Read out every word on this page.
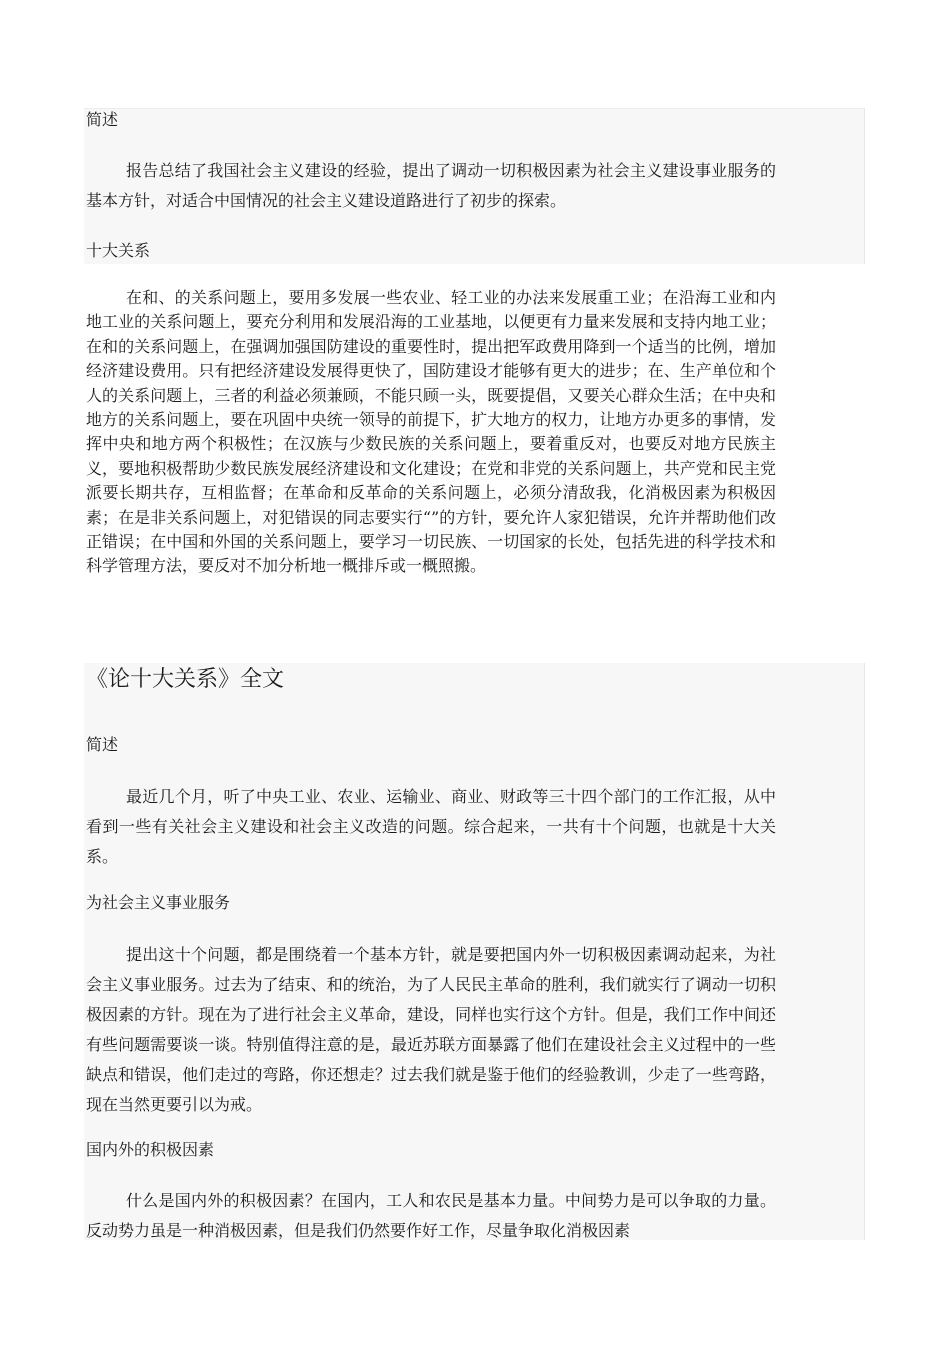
简述

报告总结了我国社会主义建设的经验，提出了调动一切积极因素为社会主义建设事业服务的基本方针，对适合中国情况的社会主义建设道路进行了初步的探索。

十大关系

在和、的关系问题上，要用多发展一些农业、轻工业的办法来发展重工业；在沿海工业和内地工业的关系问题上，要充分利用和发展沿海的工业基地，以便更有力量来发展和支持内地工业；在和的关系问题上，在强调加强国防建设的重要性时，提出把军政费用降到一个适当的比例，增加经济建设费用。只有把经济建设发展得更快了，国防建设才能够有更大的进步；在、生产单位和个人的关系问题上，三者的利益必须兼顾，不能只顾一头，既要提倡，又要关心群众生活；在中央和地方的关系问题上，要在巩固中央统一领导的前提下，扩大地方的权力，让地方办更多的事情，发挥中央和地方两个积极性；在汉族与少数民族的关系问题上，要着重反对，也要反对地方民族主义，要地积极帮助少数民族发展经济建设和文化建设；在党和非党的关系问题上，共产党和民主党派要长期共存，互相监督；在革命和反革命的关系问题上，必须分清敌我，化消极因素为积极因素；在是非关系问题上，对犯错误的同志要实行“”的方针，要允许人家犯错误，允许并帮助他们改正错误；在中国和外国的关系问题上，要学习一切民族、一切国家的长处，包括先进的科学技术和科学管理方法，要反对不加分析地一概排斥或一概照搬。

《论十大关系》全文
简述

最近几个月，听了中央工业、农业、运输业、商业、财政等三十四个部门的工作汇报，从中看到一些有关社会主义建设和社会主义改造的问题。综合起来，一共有十个问题，也就是十大关系。

为社会主义事业服务

提出这十个问题，都是围绕着一个基本方针，就是要把国内外一切积极因素调动起来，为社会主义事业服务。过去为了结束、和的统治，为了人民民主革命的胜利，我们就实行了调动一切积极因素的方针。现在为了进行社会主义革命，建设，同样也实行这个方针。但是，我们工作中间还有些问题需要谈一谈。特别值得注意的是，最近苏联方面暴露了他们在建设社会主义过程中的一些缺点和错误，他们走过的弯路，你还想走？过去我们就是鉴于他们的经验教训，少走了一些弯路，现在当然更要引以为戒。

国内外的积极因素

什么是国内外的积极因素？在国内，工人和农民是基本力量。中间势力是可以争取的力量。反动势力虽是一种消极因素，但是我们仍然要作好工作，尽量争取化消极因素
